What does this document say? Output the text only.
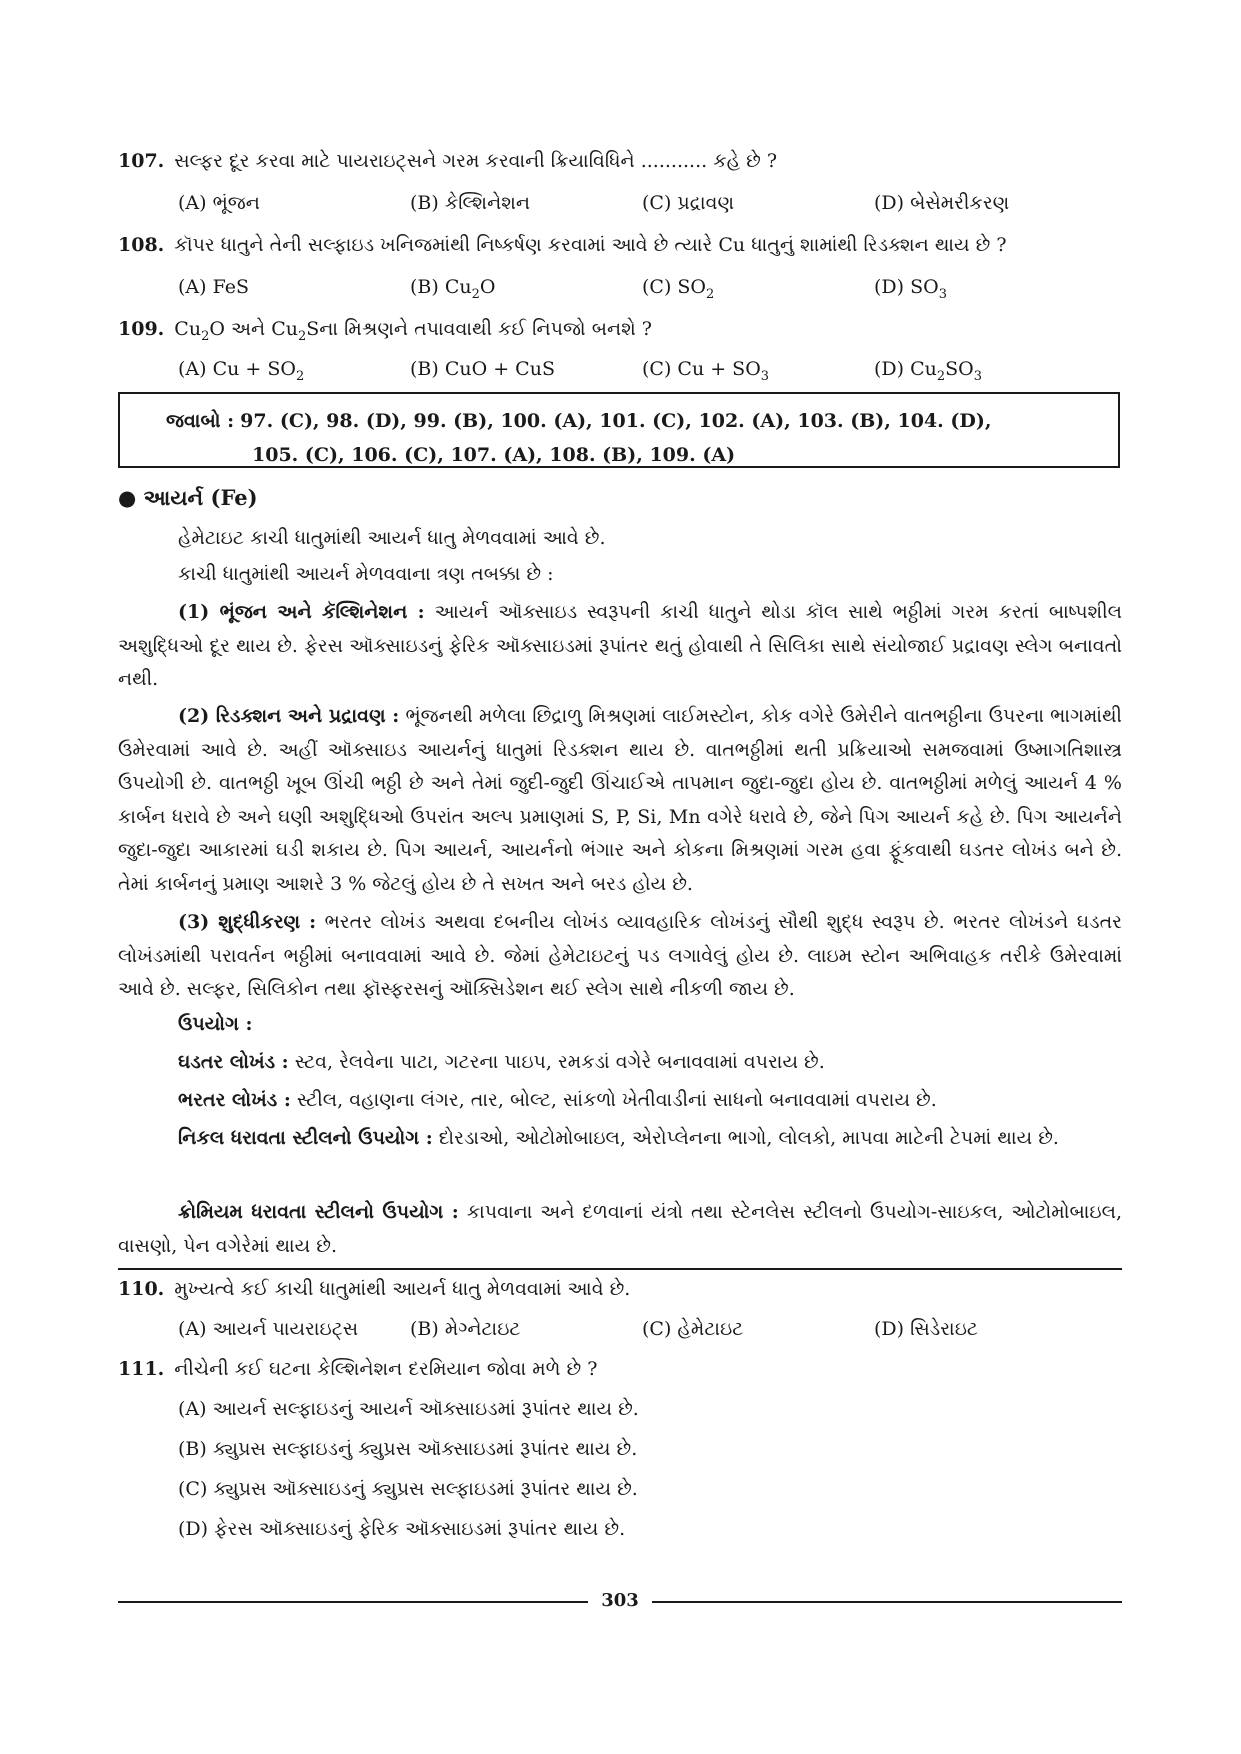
107. સલ્ફર દૂર કરવા માટે પાયરાઇટ્સને ગરમ કરવાની ક્રિયાવિધિને ........... કહે છે ?
(A) ભૂંજન	(B) કેલ્શિનેશન	(C) પ્રદ્રાવણ	(D) બેસેમરીકરણ
108. કૉપર ધાતુને તેની સલ્ફાઇડ ખનિજમાંથી નિષ્કર્ષણ કરવામાં આવે છે ત્યારે Cu ધાતુનું શામાંથી રિડક્શન થાય છે ?
(A) FeS	(B) $Cu_2O$	(C) $SO_2$	(D) $SO_3$
109. $Cu_2O$ અને $Cu_2Sના$ મિશ્રણને તપાવવાથી કઈ નિપજો બનશે ?
(A) $Cu + SO_2$	(B) CuO + CuS	(C) $Cu + SO_3$	(D) $Cu_2SO_3$
જવાબો : 97. (C), 98. (D), 99. (B), 100. (A), 101. (C), 102. (A), 103. (B), 104. (D),
105. (C), 106. (C), 107. (A), 108. (B), 109. (A)
● આયર્ન (Fe)
હેમેટાઇટ કાચી ધાતુમાંથી આયર્ન ધાતુ મેળવવામાં આવે છે.
કાચી ધાતુમાંથી આયર્ન મેળવવાના ત્રણ તબક્કા છે :
(1) ભૂંજન અને કૅલ્શિનેશન : આયર્ન ઑક્સાઇડ સ્વરૂપની કાચી ધાતુને થોડા કૉલ સાથે ભઠ્ઠીમાં ગરમ કરતાં બાષ્પશીલ અશુદ્ધિઓ દૂર થાય છે. ફેરસ ઑક્સાઇડનું ફેરિક ઑક્સાઇડમાં રૂપાંતર થતું હોવાથી તે સિલિકા સાથે સંયોજાઈ પ્રદ્રાવણ સ્લેગ બનાવતો નથી.
(2) રિડક્શન અને પ્રદ્રાવણ : ભૂંજનથી મળેલા છિદ્રાળુ મિશ્રણમાં લાઈમસ્ટોન, કોક વગેરે ઉમેરીને વાતભઠ્ઠીના ઉપરના ભાગમાંથી ઉમેરવામાં આવે છે. અહીં ઑક્સાઇડ આયર્નનું ધાતુમાં રિડક્શન થાય છે. વાતભઠ્ઠીમાં થતી પ્રક્રિયાઓ સમજવામાં ઉષ્માગતિશાસ્ત્ર ઉપયોગી છે. વાતભઠ્ઠી ખૂબ ઊંચી ભઠ્ઠી છે અને તેમાં જુદી-જુદી ઊંચાઈએ તાપમાન જુદા-જુદા હોય છે. વાતભઠ્ઠીમાં મળેલું આયર્ન 4 % કાર્બન ધરાવે છે અને ઘણી અશુદ્ધિઓ ઉપરાંત અલ્પ પ્રમાણમાં S, P, Si, Mn વગેરે ધરાવે છે, જેને પિગ આયર્ન કહે છે. પિગ આયર્નને જુદા-જુદા આકારમાં ઘડી શકાય છે. પિગ આયર્ન, આયર્નનો ભંગાર અને કોકના મિશ્રણમાં ગરમ હવા ફૂંકવાથી ઘડતર લોખંડ બને છે. તેમાં કાર્બનનું પ્રમાણ આશરે 3 % જેટલું હોય છે તે સખત અને બરડ હોય છે.
(3) શુદ્ધીકરણ : ભરતર લોખંડ અથવા દબનીય લોખંડ વ્યાવહારિક લોખંડનું સૌથી શુદ્ધ સ્વરૂપ છે. ભરતર લોખંડને ઘડતર લોખંડમાંથી પરાવર્તન ભઠ્ઠીમાં બનાવવામાં આવે છે. જેમાં હેમેટાઇટનું પડ લગાવેલું હોય છે. લાઇમ સ્ટોન અભિવાહક તરીકે ઉમેરવામાં આવે છે. સલ્ફર, સિલિકોન તથા ફૉસ્ફરસનું ઑક્સિડેશન થઈ સ્લેગ સાથે નીકળી જાય છે.
ઉપયોગ :
ઘડતર લોખંડ : સ્ટવ, રેલવેના પાટા, ગટરના પાઇપ, રમકડાં વગેરે બનાવવામાં વપરાય છે.
ભરતર લોખંડ : સ્ટીલ, વહાણના લંગર, તાર, બોલ્ટ, સાંકળો ખેતીવાડીનાં સાધનો બનાવવામાં વપરાય છે.
નિકલ ધરાવતા સ્ટીલનો ઉપયોગ : દોરડાઓ, ઓટોમોબાઇલ, એરોપ્લેનના ભાગો, લોલકો, માપવા માટેની ટેપમાં થાય છે.
ક્રોમિયમ ધરાવતા સ્ટીલનો ઉપયોગ : કાપવાના અને દળવાનાં યંત્રો તથા સ્ટેનલેસ સ્ટીલનો ઉપયોગ-સાઇકલ, ઓટોમોબાઇલ, વાસણો, પેન વગેરેમાં થાય છે.
110. મુખ્યત્વે કઈ કાચી ધાતુમાંથી આયર્ન ધાતુ મેળવવામાં આવે છે.
(A) આયર્ન પાયરાઇટ્સ	(B) મેગ્નેટાઇટ	(C) હેમેટાઇટ	(D) સિડેરાઇટ
111. નીચેની કઈ ઘટના કેલ્શિનેશન દરમિયાન જોવા મળે છે ?
(A) આયર્ન સલ્ફાઇડનું આયર્ન ઑક્સાઇડમાં રૂપાંતર થાય છે.
(B) ક્યુપ્રસ સલ્ફાઇડનું ક્યુપ્રસ ઑક્સાઇડમાં રૂપાંતર થાય છે.
(C) ક્યુપ્રસ ઑક્સાઇડનું ક્યુપ્રસ સલ્ફાઇડમાં રૂપાંતર થાય છે.
(D) ફેરસ ઑક્સાઇડનું ફેરિક ઑક્સાઇડમાં રૂપાંતર થાય છે.
303
